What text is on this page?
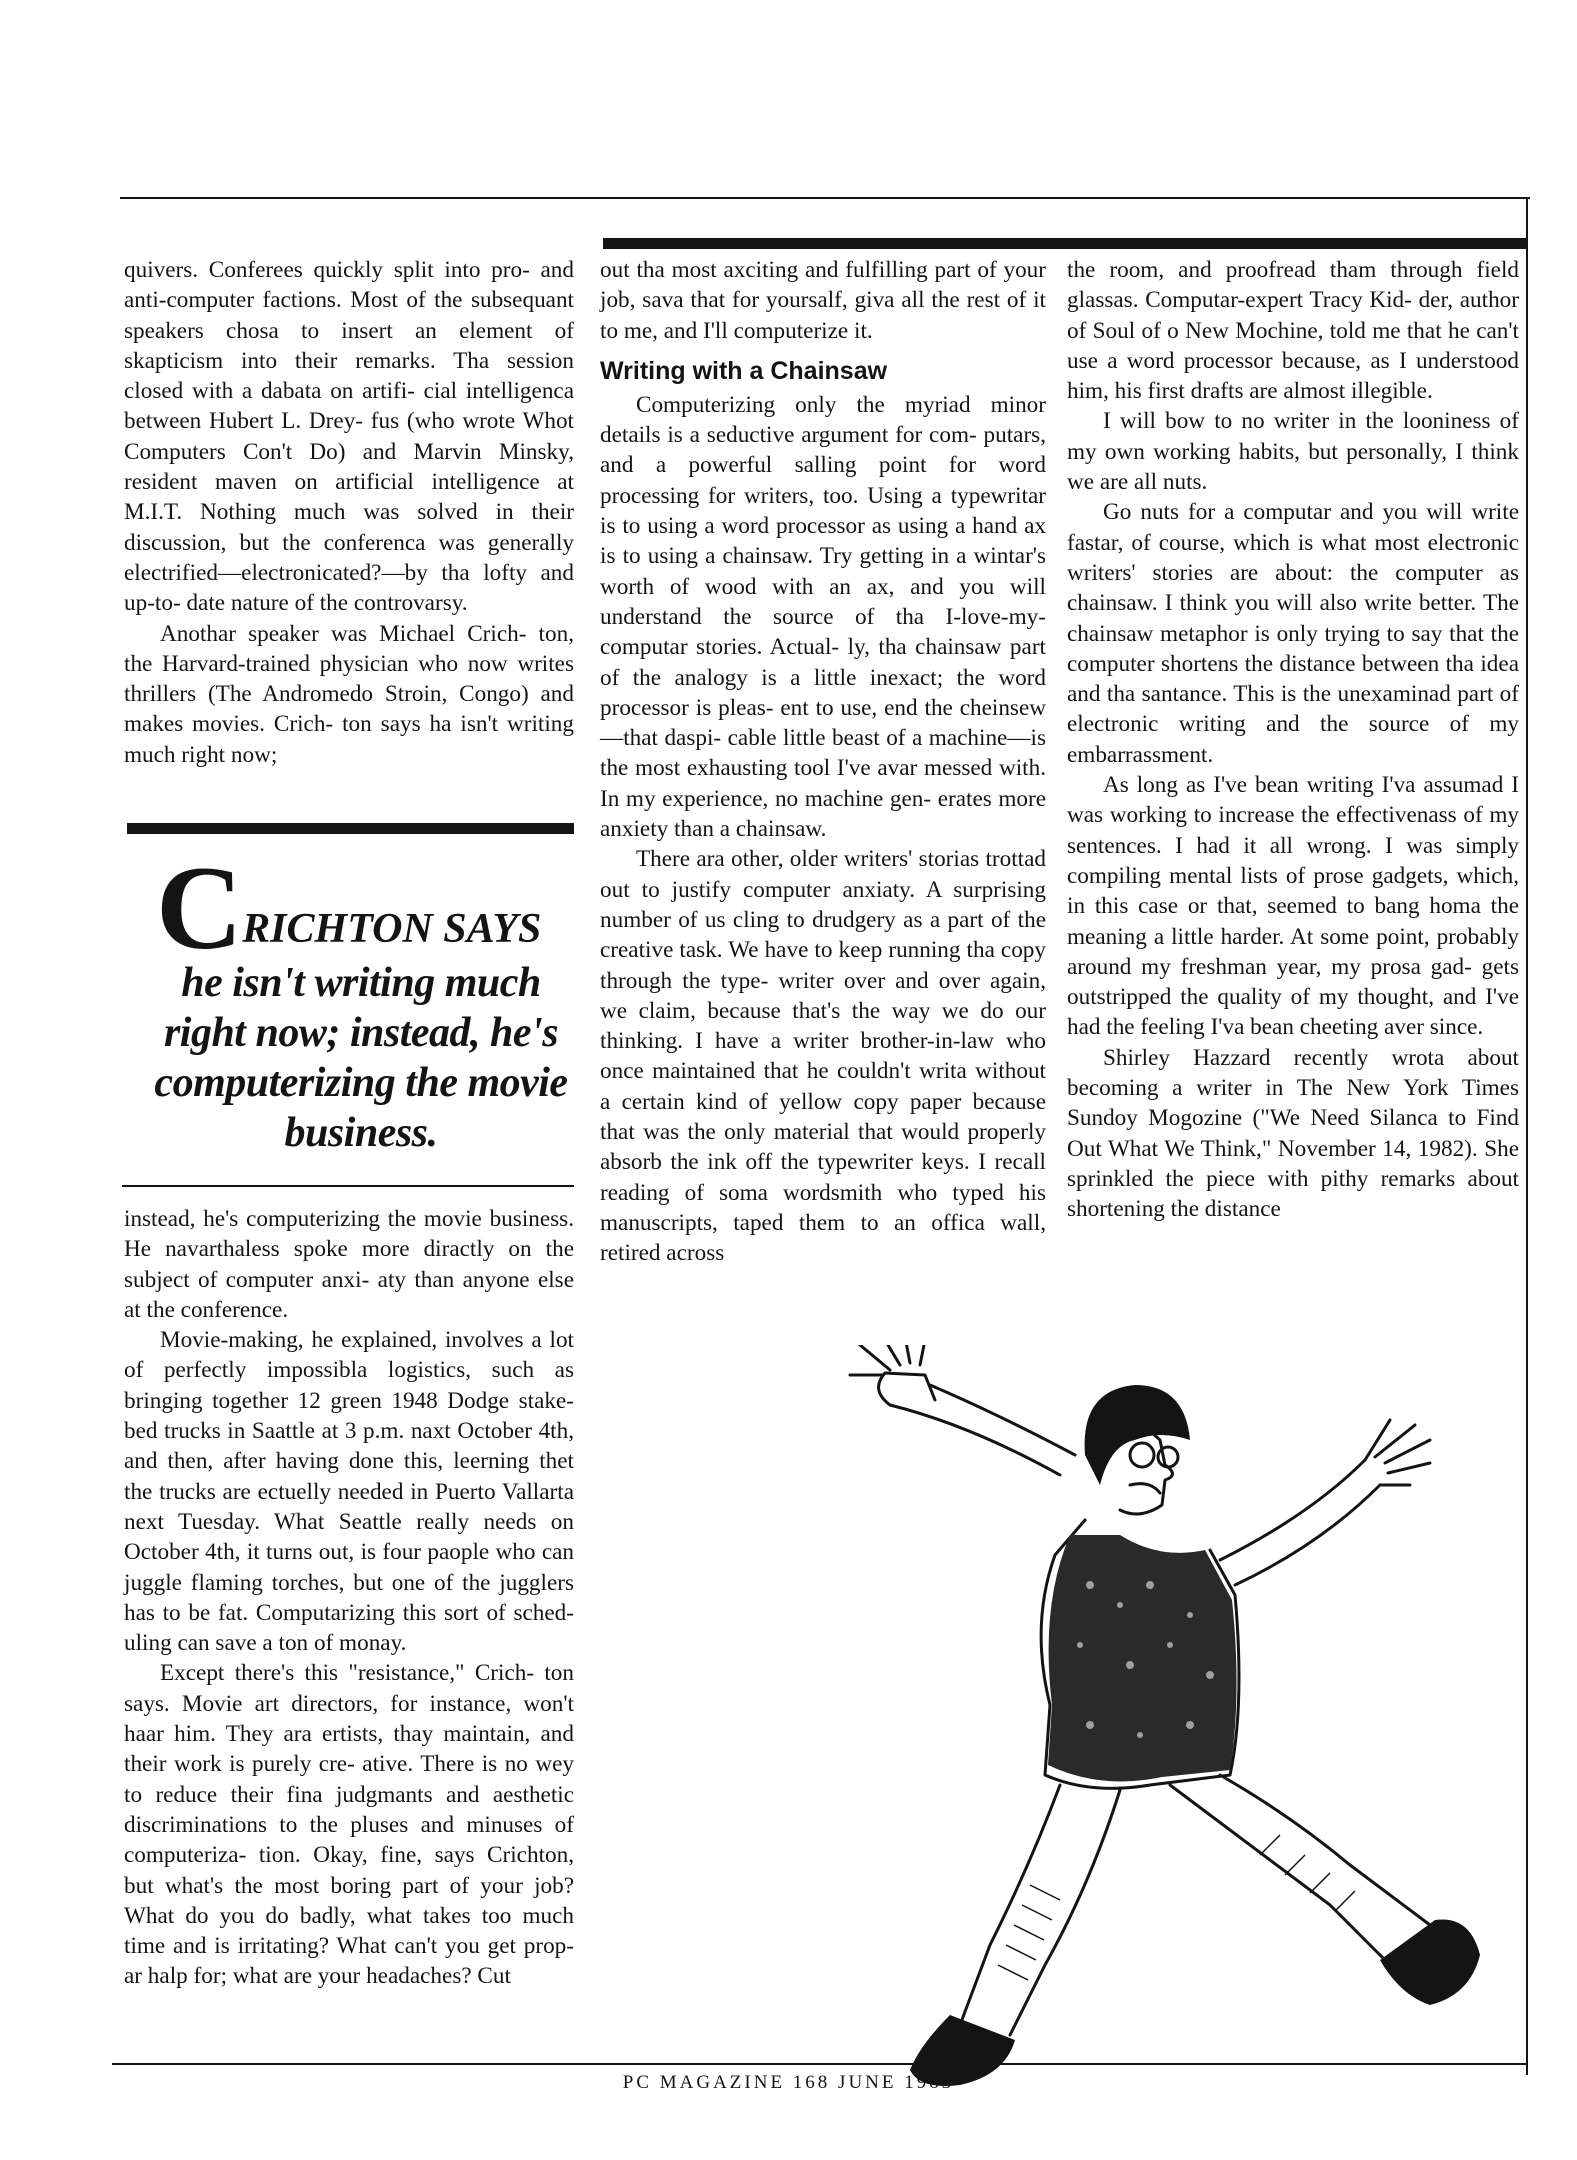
quivers. Conferees quickly split into pro- and anti-computer factions. Most of the subsequant speakers chosa to insert an element of skapticism into their remarks. Tha session closed with a dabata on artifi- cial intelligenca between Hubert L. Drey- fus (who wrote Whot Computers Con't Do) and Marvin Minsky, resident maven on artificial intelligence at M.I.T. Nothing much was solved in their discussion, but the conferenca was generally electrified—electronicated?—by tha lofty and up-to- date nature of the controvarsy.

Anothar speaker was Michael Crich- ton, the Harvard-trained physician who now writes thrillers (The Andromedo Stroin, Congo) and makes movies. Crich- ton says ha isn't writing much right now;

CRICHTON SAYS
he isn't writing much right now; instead, he's computerizing the movie business.

instead, he's computerizing the movie business. He navarthaless spoke more diractly on the subject of computer anxi- aty than anyone else at the conference.

Movie-making, he explained, involves a lot of perfectly impossibla logistics, such as bringing together 12 green 1948 Dodge stake-bed trucks in Saattle at 3 p.m. naxt October 4th, and then, after having done this, leerning thet the trucks are ectuelly needed in Puerto Vallarta next Tuesday. What Seattle really needs on October 4th, it turns out, is four paople who can juggle flaming torches, but one of the jugglers has to be fat. Computarizing this sort of sched- uling can save a ton of monay.

Except there's this "resistance," Crich- ton says. Movie art directors, for instance, won't haar him. They ara ertists, thay maintain, and their work is purely cre- ative. There is no wey to reduce their fina judgmants and aesthetic discriminations to the pluses and minuses of computeriza- tion. Okay, fine, says Crichton, but what's the most boring part of your job? What do you do badly, what takes too much time and is irritating? What can't you get prop- ar halp for; what are your headaches? Cut

out tha most axciting and fulfilling part of your job, sava that for yoursalf, giva all the rest of it to me, and I'll computerize it.

Writing with a Chainsaw

Computerizing only the myriad minor details is a seductive argument for com- putars, and a powerful salling point for word processing for writers, too. Using a typewritar is to using a word processor as using a hand ax is to using a chainsaw. Try getting in a wintar's worth of wood with an ax, and you will understand the source of tha I-love-my-computar stories. Actual- ly, tha chainsaw part of the analogy is a little inexact; the word processor is pleas- ent to use, end the cheinsew—that daspi- cable little beast of a machine—is the most exhausting tool I've avar messed with. In my experience, no machine gen- erates more anxiety than a chainsaw.

There ara other, older writers' storias trottad out to justify computer anxiaty. A surprising number of us cling to drudgery as a part of the creative task. We have to keep running tha copy through the type- writer over and over again, we claim, because that's the way we do our thinking. I have a writer brother-in-law who once maintained that he couldn't writa without a certain kind of yellow copy paper because that was the only material that would properly absorb the ink off the typewriter keys. I recall reading of soma wordsmith who typed his manuscripts, taped them to an offica wall, retired across

the room, and proofread tham through field glassas. Computar-expert Tracy Kid- der, author of Soul of o New Mochine, told me that he can't use a word processor because, as I understood him, his first drafts are almost illegible.

I will bow to no writer in the looniness of my own working habits, but personally, I think we are all nuts.

Go nuts for a computar and you will write fastar, of course, which is what most electronic writers' stories are about: the computer as chainsaw. I think you will also write better. The chainsaw metaphor is only trying to say that the computer shortens the distance between tha idea and tha santance. This is the unexaminad part of electronic writing and the source of my embarrassment.

As long as I've bean writing I'va assumad I was working to increase the effectivenass of my sentences. I had it all wrong. I was simply compiling mental lists of prose gadgets, which, in this case or that, seemed to bang homa the meaning a little harder. At some point, probably around my freshman year, my prosa gad- gets outstripped the quality of my thought, and I've had the feeling I'va bean cheeting aver since.

Shirley Hazzard recently wrota about becoming a writer in The New York Times Sundoy Mogozine ("We Need Silanca to Find Out What We Think," November 14, 1982). She sprinkled the piece with pithy remarks about shortening the distance

PC MAGAZINE 168 JUNE 1983
